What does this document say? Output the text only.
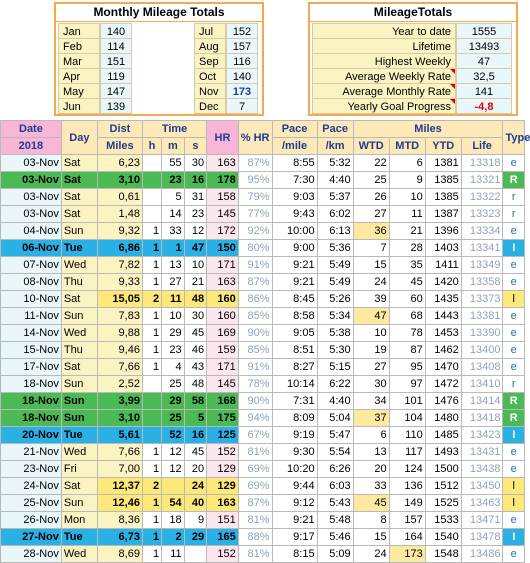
Monthly Mileage Totals
Jan	140
Feb	114
Mar	151
Apr	119
May	147
Jun	139
Jul	152
Aug	157
Sep	116
Oct	140
Nov	173
Dec	7
MileageTotals
Year to date	1555
Lifetime	13493
Highest Weekly	47
Average Weekly Rate	32,5
Average Monthly Rate	141
Yearly Goal Progress	-4,8
Date	Day	Dist	Time			HR	% HR	Pace	Pace	Miles				Type
2018		Miles	h	m	s			/mile	/km	WTD	MTD	YTD	Life	
03-Nov	Sat	6,23		55	30	163	87%	8:55	5:32	22	6	1381	13318	e
03-Nov	Sat	3,10		23	16	178	95%	7:30	4:40	25	9	1385	13321	R
03-Nov	Sat	0,61		5	31	158	79%	9:03	5:37	26	10	1385	13322	r
03-Nov	Sat	1,48		14	23	145	77%	9:43	6:02	27	11	1387	13323	r
04-Nov	Sun	9,32	1	33	12	172	92%	10:00	6:13	36	21	1396	13334	e
06-Nov	Tue	6,86	1	1	47	150	80%	9:00	5:36	7	28	1403	13341	I
07-Nov	Wed	7,82	1	13	10	171	91%	9:21	5:49	15	35	1411	13349	e
08-Nov	Thu	9,33	1	27	21	163	87%	9:21	5:49	24	45	1420	13358	e
10-Nov	Sat	15,05	2	11	48	160	86%	8:45	5:26	39	60	1435	13373	l
11-Nov	Sun	7,83	1	10	30	160	85%	8:58	5:34	47	68	1443	13381	e
14-Nov	Wed	9,88	1	29	45	169	90%	9:05	5:38	10	78	1453	13390	e
15-Nov	Thu	9,46	1	23	46	159	85%	8:51	5:30	19	87	1462	13400	e
17-Nov	Sat	7,66	1	4	43	171	91%	8:27	5:15	27	95	1470	13408	e
18-Nov	Sun	2,52		25	48	145	78%	10:14	6:22	30	97	1472	13410	r
18-Nov	Sun	3,99		29	58	168	90%	7:31	4:40	34	101	1476	13414	R
18-Nov	Sun	3,10		25	5	175	94%	8:09	5:04	37	104	1480	13418	R
20-Nov	Tue	5,61		52	16	125	67%	9:19	5:47	6	110	1485	13423	I
21-Nov	Wed	7,66	1	12	45	152	81%	9:30	5:54	13	117	1493	13431	e
23-Nov	Fri	7,00	1	12	20	129	69%	10:20	6:26	20	124	1500	13438	e
24-Nov	Sat	12,37	2		24	129	69%	9:44	6:03	33	136	1512	13450	l
25-Nov	Sun	12,46	1	54	40	163	87%	9:12	5:43	45	149	1525	13463	l
26-Nov	Mon	8,36	1	18	9	151	81%	9:21	5:48	8	157	1533	13471	e
27-Nov	Tue	6,73	1	2	29	165	88%	9:17	5:46	15	164	1540	13478	I
28-Nov	Wed	8,69	1	11		152	81%	8:15	5:09	24	173	1548	13486	e
